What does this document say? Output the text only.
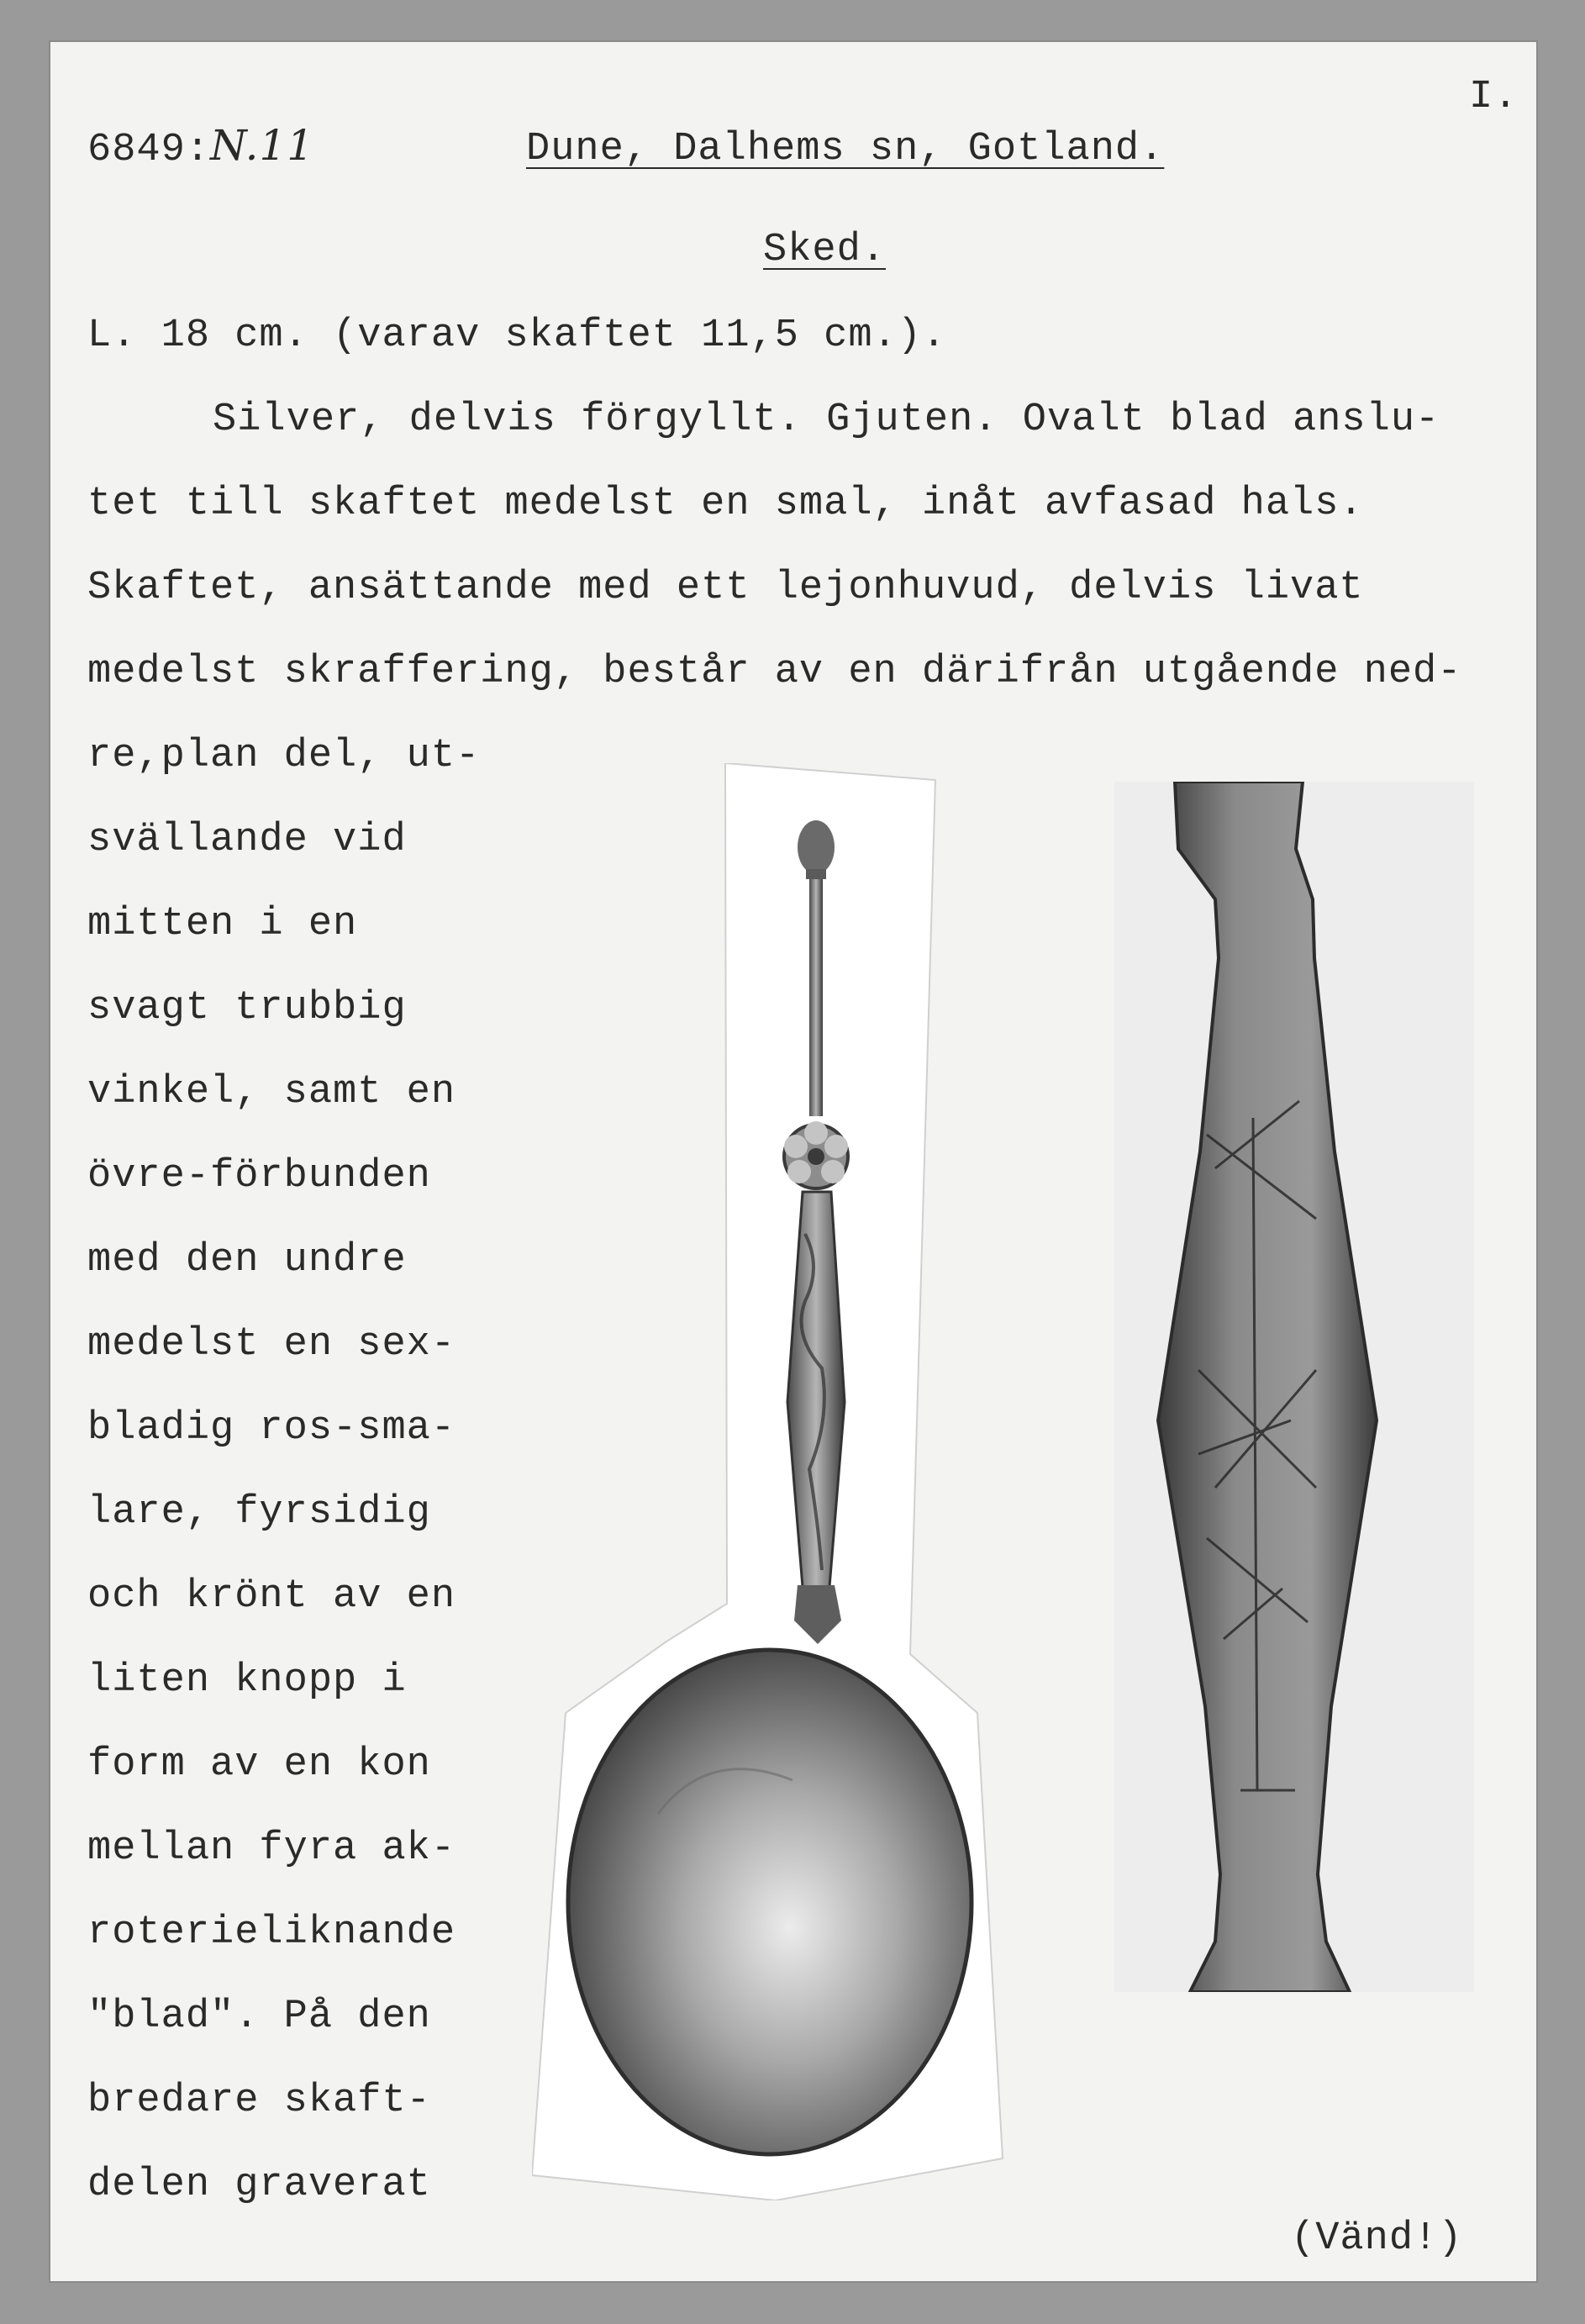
6849:N.11
I.
Dune, Dalhems sn, Gotland.
Sked.
L. 18 cm. (varav skaftet 11,5 cm.).
Silver, delvis förgyllt. Gjuten. Ovalt blad anslu-
tet till skaftet medelst en smal, inåt avfasad hals.
Skaftet, ansättande med ett lejonhuvud, delvis livat
medelst skraffering, består av en därifrån utgående ned-
re,plan del, ut-
svällande vid
mitten i en
svagt trubbig
vinkel, samt en
övre-förbunden
med den undre
medelst en sex-
bladig ros-sma-
lare, fyrsidig
och krönt av en
liten knopp i
form av en kon
mellan fyra ak-
roterieliknande
"blad". På den
bredare skaft-
delen graverat
(Vänd!)
